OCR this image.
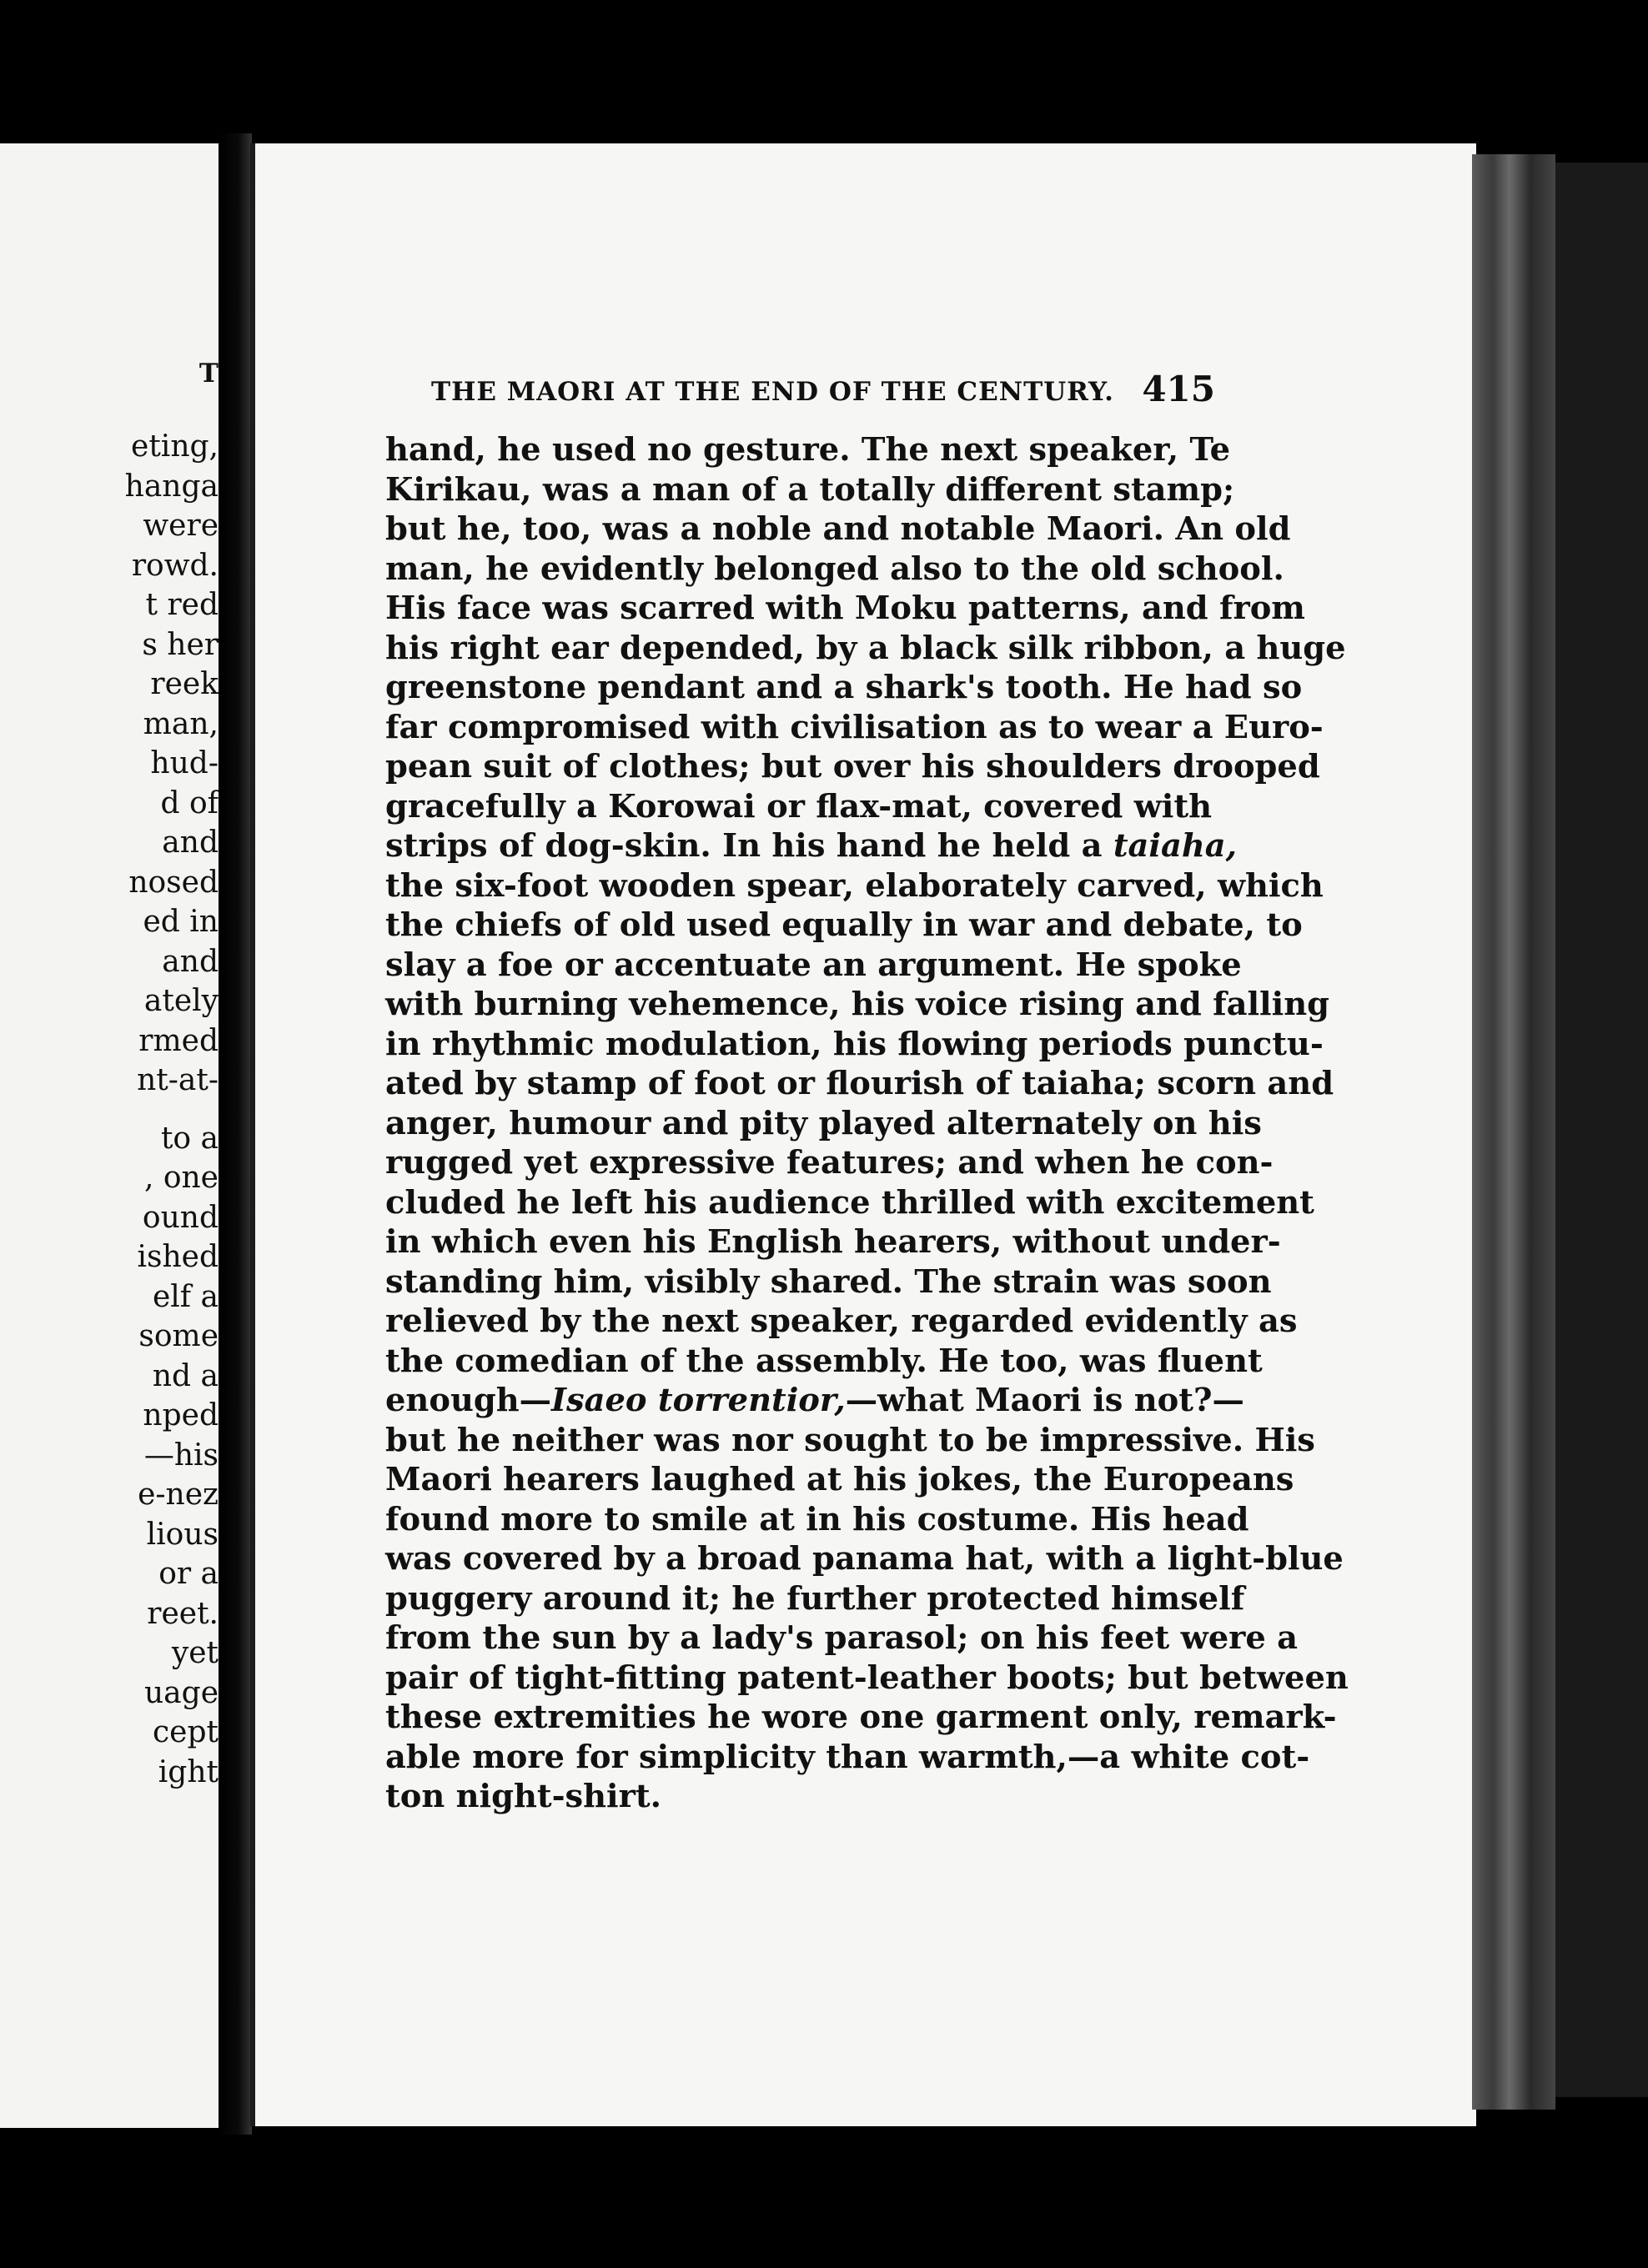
T

eting,
hanga
were
rowd.
t red
s her
reek
man,
hud-
d of
and
nosed
ed in
and
ately
rmed
nt-at-
to a
, one
ound
ished
elf a
some
nd a
nped
—his
e-nez
lious
or a
reet.
yet
uage
cept
ight
THE MAORI AT THE END OF THE CENTURY. 415
hand, he used no gesture. The next speaker, Te
Kirikau, was a man of a totally different stamp;
but he, too, was a noble and notable Maori. An old
man, he evidently belonged also to the old school.
His face was scarred with Moku patterns, and from
his right ear depended, by a black silk ribbon, a huge
greenstone pendant and a shark's tooth. He had so
far compromised with civilisation as to wear a Euro-
pean suit of clothes; but over his shoulders drooped
gracefully a Korowai or flax-mat, covered with
strips of dog-skin. In his hand he held a taiaha,
the six-foot wooden spear, elaborately carved, which
the chiefs of old used equally in war and debate, to
slay a foe or accentuate an argument. He spoke
with burning vehemence, his voice rising and falling
in rhythmic modulation, his flowing periods punctu-
ated by stamp of foot or flourish of taiaha; scorn and
anger, humour and pity played alternately on his
rugged yet expressive features; and when he con-
cluded he left his audience thrilled with excitement
in which even his English hearers, without under-
standing him, visibly shared. The strain was soon
relieved by the next speaker, regarded evidently as
the comedian of the assembly. He too, was fluent
enough—Isaeo torrentior,—what Maori is not?—
but he neither was nor sought to be impressive. His
Maori hearers laughed at his jokes, the Europeans
found more to smile at in his costume. His head
was covered by a broad panama hat, with a light-blue
puggery around it; he further protected himself
from the sun by a lady's parasol; on his feet were a
pair of tight-fitting patent-leather boots; but between
these extremities he wore one garment only, remark-
able more for simplicity than warmth,—a white cot-
ton night-shirt.
